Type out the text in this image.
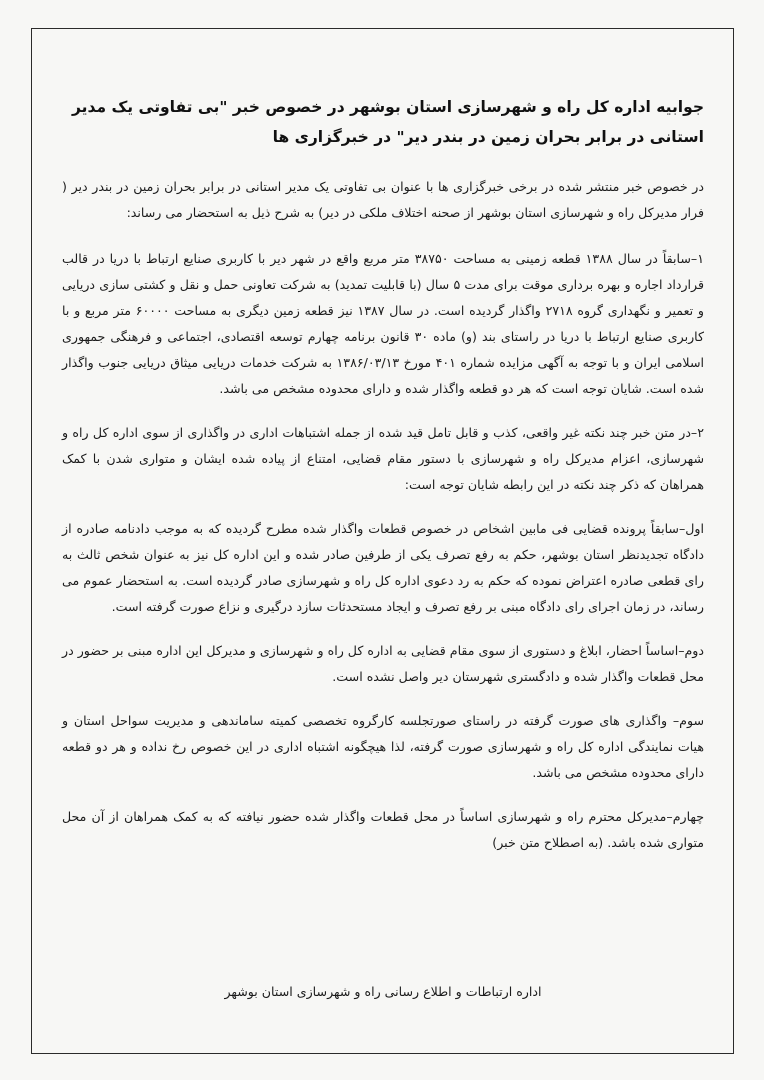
جوابیه اداره کل راه و شهرسازی استان بوشهر در خصوص خبر "بی تفاوتی یک مدیر استانی در برابر بحران زمین در بندر دیر" در خبرگزاری ها

در خصوص خبر منتشر شده در برخی خبرگزاری ها با عنوان بی تفاوتی یک مدیر استانی در برابر بحران زمین در بندر دیر ( فرار مدیرکل راه و شهرسازی استان بوشهر از صحنه اختلاف ملکی در دیر) به شرح ذیل به استحضار می رساند:

۱–سابقاً در سال ۱۳۸۸ قطعه زمینی به مساحت ۳۸۷۵۰ متر مربع واقع در شهر دیر با کاربری صنایع ارتباط با دریا در قالب قرارداد اجاره و بهره برداری موقت برای مدت ۵ سال (با قابلیت تمدید) به شرکت تعاونی حمل و نقل و کشتی سازی دریایی و تعمیر و نگهداری گروه ۲۷۱۸ واگذار گردیده است. در سال ۱۳۸۷ نیز قطعه زمین دیگری به مساحت ۶۰۰۰۰ متر مربع و با کاربری صنایع ارتباط با دریا در راستای بند (و) ماده ۳۰ قانون برنامه چهارم توسعه اقتصادی، اجتماعی و فرهنگی جمهوری اسلامی ایران و با توجه به آگهی مزایده شماره ۴۰۱ مورخ ۱۳۸۶/۰۳/۱۳ به شرکت خدمات دریایی میثاق دریایی جنوب واگذار شده است. شایان توجه است که هر دو قطعه واگذار شده و دارای محدوده مشخص می باشد.

۲–در متن خبر چند نکته غیر واقعی، کذب و قابل تامل قید شده از جمله اشتباهات اداری در واگذاری از سوی اداره کل راه و شهرسازی، اعزام مدیرکل راه و شهرسازی با دستور مقام قضایی، امتناع از پیاده شده ایشان و متواری شدن با کمک همراهان که ذکر چند نکته در این رابطه شایان توجه است:

اول–سابقاً پرونده قضایی فی مابین اشخاص در خصوص قطعات واگذار شده مطرح گردیده که به موجب دادنامه صادره از دادگاه تجدیدنظر استان بوشهر، حکم به رفع تصرف یکی از طرفین صادر شده و این اداره کل نیز به عنوان شخص ثالث به رای قطعی صادره اعتراض نموده که حکم به رد دعوی اداره کل راه و شهرسازی صادر گردیده است. به استحضار عموم می رساند، در زمان اجرای رای دادگاه مبنی بر رفع تصرف و ایجاد مستحدثات سازد درگیری و نزاع صورت گرفته است.

دوم–اساساً احضار، ابلاغ و دستوری از سوی مقام قضایی به اداره کل راه و شهرسازی و مدیرکل این اداره مبنی بر حضور در محل قطعات واگذار شده و دادگستری شهرستان دیر واصل نشده است.

سوم– واگذاری های صورت گرفته در راستای صورتجلسه کارگروه تخصصی کمیته ساماندهی و مدیریت سواحل استان و هیات نمایندگی اداره کل راه و شهرسازی صورت گرفته، لذا هیچگونه اشتباه اداری در این خصوص رخ نداده و هر دو قطعه دارای محدوده مشخص می باشد.

چهارم–مدیرکل محترم راه و شهرسازی اساساً در محل قطعات واگذار شده حضور نیافته که به کمک همراهان از آن محل متواری شده باشد. (به اصطلاح متن خبر)

اداره ارتباطات و اطلاع رسانی راه و شهرسازی استان بوشهر
